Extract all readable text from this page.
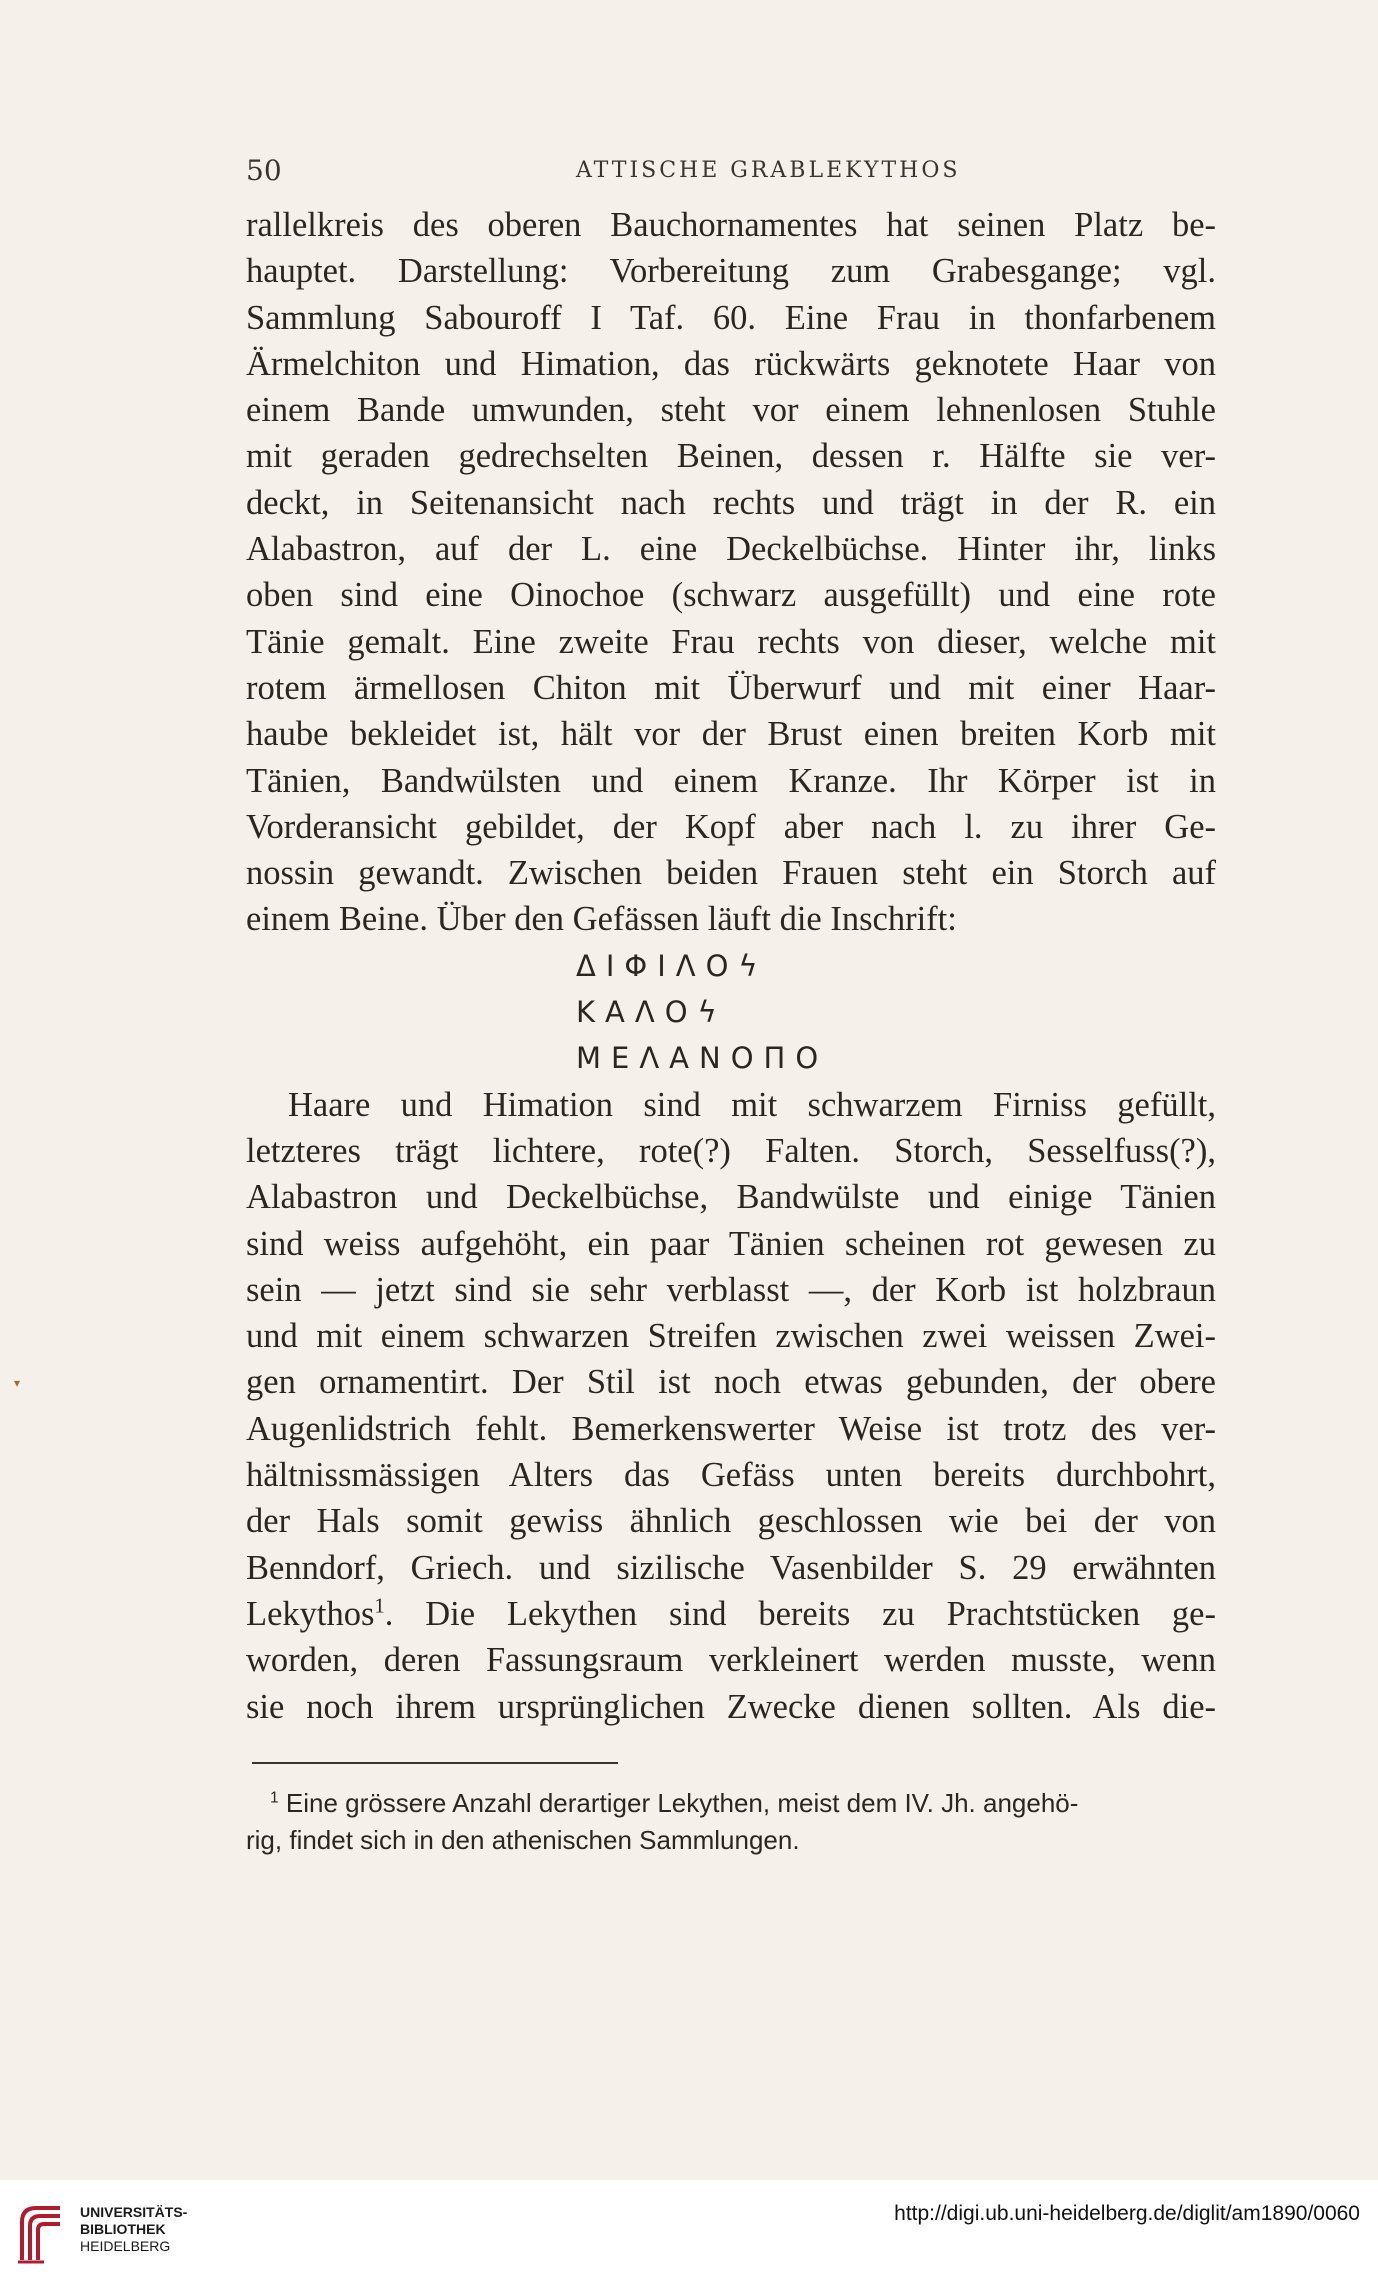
50	ATTISCHE GRABLEKYTHOS
rallelkreis des oberen Bauchornamentes hat seinen Platz be-
hauptet. Darstellung: Vorbereitung zum Grabesgange; vgl.
Sammlung Sabouroff I Taf. 60. Eine Frau in thonfarbenem
Ärmelchiton und Himation, das rückwärts geknotete Haar von
einem Bande umwunden, steht vor einem lehnenlosen Stuhle
mit geraden gedrechselten Beinen, dessen r. Hälfte sie ver-
deckt, in Seitenansicht nach rechts und trägt in der R. ein
Alabastron, auf der L. eine Deckelbüchse. Hinter ihr, links
oben sind eine Oinochoe (schwarz ausgefüllt) und eine rote
Tänie gemalt. Eine zweite Frau rechts von dieser, welche mit
rotem ärmellosen Chiton mit Überwurf und mit einer Haar-
haube bekleidet ist, hält vor der Brust einen breiten Korb mit
Tänien, Bandwülsten und einem Kranze. Ihr Körper ist in
Vorderansicht gebildet, der Kopf aber nach l. zu ihrer Ge-
nossin gewandt. Zwischen beiden Frauen steht ein Storch auf
einem Beine. Über den Gefässen läuft die Inschrift:
ΔΙΦΙΛΟϟ
ΚΑΛΟϟ
ΜΕΛΑΝΟΠΟ
Haare und Himation sind mit schwarzem Firniss gefüllt,
letzteres trägt lichtere, rote(?) Falten. Storch, Sesselfuss(?),
Alabastron und Deckelbüchse, Bandwülste und einige Tänien
sind weiss aufgehöht, ein paar Tänien scheinen rot gewesen zu
sein — jetzt sind sie sehr verblasst —, der Korb ist holzbraun
und mit einem schwarzen Streifen zwischen zwei weissen Zwei-
gen ornamentirt. Der Stil ist noch etwas gebunden, der obere
Augenlidstrich fehlt. Bemerkenswerter Weise ist trotz des ver-
hältnissmässigen Alters das Gefäss unten bereits durchbohrt,
der Hals somit gewiss ähnlich geschlossen wie bei der von
Benndorf, Griech. und sizilische Vasenbilder S. 29 erwähnten
Lekythos$^1$. Die Lekythen sind bereits zu Prachtstücken ge-
worden, deren Fassungsraum verkleinert werden musste, wenn
sie noch ihrem ursprünglichen Zwecke dienen sollten. Als die-
$^1$ Eine grössere Anzahl derartiger Lekythen, meist dem IV. Jh. angehö-
rig, findet sich in den athenischen Sammlungen.
▾
UNIVERSITÄTS-
BIBLIOTHEK
HEIDELBERG
http://digi.ub.uni-heidelberg.de/diglit/am1890/0060
